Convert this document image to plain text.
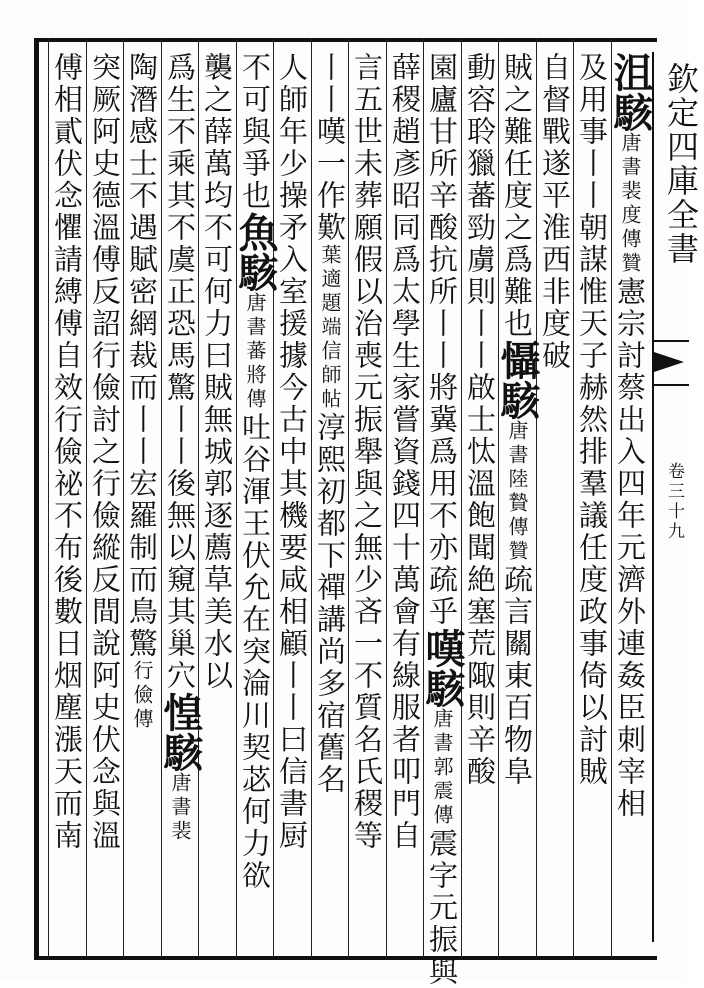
欽定四庫全書
卷三十九
沮駭唐書裴度傳贊憲宗討蔡出入四年元濟外連姦臣刺宰相
及用事丨丨朝謀惟天子赫然排羣議任度政事倚以討賊
自督戰遂平淮西非度破
賊之難任度之爲難也懾駭唐書陸贄傳贊疏言關東百物阜
動容聆獵蕃勁虜則丨丨啟士忲溫飽聞絶塞荒陬則辛酸
園廬甘所辛酸抗所丨丨將冀爲用不亦疏乎嘆駭唐書郭震傳震字元振與
薛稷趙彥昭同爲太學生家嘗資錢四十萬會有線服者叩門自
言五世未葬願假以治喪元振舉與之無少吝一不質名氏稷等
丨丨嘆一作歎葉適題端信師帖淳熙初都下禪講尚多宿舊名
人師年少操矛入室援據今古中其機要咸相顧丨丨曰信書厨
不可與爭也魚駭唐書蕃將傳吐谷渾王伏允在突淪川契苾何力欲
襲之薛萬均不可何力曰賊無城郭逐薦草美水以
爲生不乘其不虞正恐馬驚丨丨後無以窺其巢穴惶駭唐書裴
陶潛感士不遇賦密網裁而丨丨宏羅制而鳥驚行儉傳
突厥阿史德溫傅反詔行儉討之行儉縱反間說阿史伏念與溫
傅相貳伏念懼請縛傅自效行儉祕不布後數日烟塵漲天而南
